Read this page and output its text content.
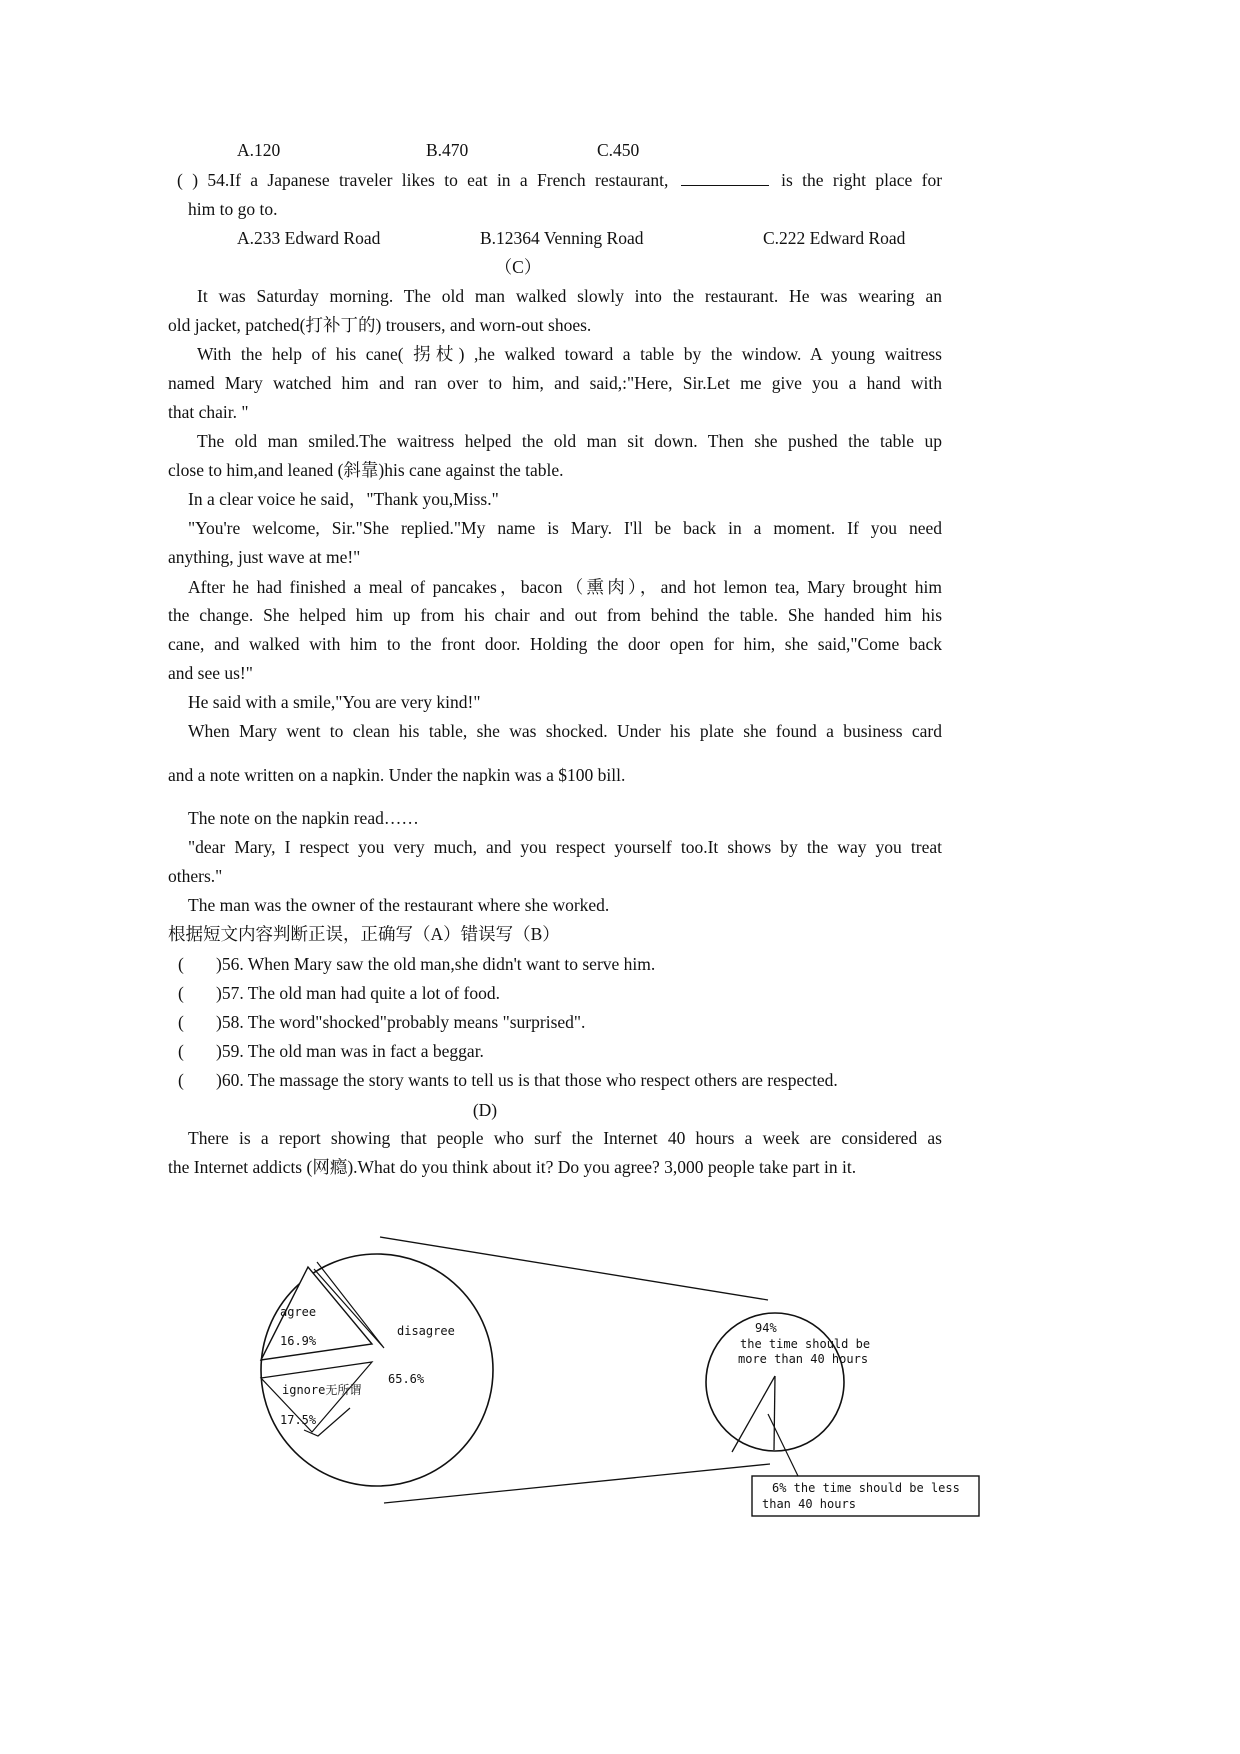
A.120	B.470	C.450
( ) 54.If a Japanese traveler likes to eat in a French restaurant,	is the right place for
him to go to.
A.233 Edward Road	B.12364 Venning Road	C.222 Edward Road
（C）
It was Saturday morning. The old man walked slowly into the restaurant. He was wearing an
old jacket, patched(打补丁的) trousers, and worn-out shoes.
With the help of his cane( 拐杖) ,he walked toward a table by the window. A young waitress
named Mary watched him and ran over to him, and said,:"Here, Sir.Let me give you a hand with
that chair. "
The old man smiled.The waitress helped the old man sit down. Then she pushed the table up
close to him,and leaned (斜靠)his cane against the table.
In a clear voice he said，"Thank you,Miss."
"You're welcome, Sir."She replied."My name is Mary. I'll be back in a moment. If you need
anything, just wave at me!"
After he had finished a meal of pancakes，bacon（熏肉），and hot lemon tea, Mary brought him
the change. She helped him up from his chair and out from behind the table. She handed him his
cane, and walked with him to the front door. Holding the door open for him, she said,"Come back
and see us!"
He said with a smile,"You are very kind!"
When Mary went to clean his table, she was shocked. Under his plate she found a business card
and a note written on a napkin. Under the napkin was a $100 bill.
The note on the napkin read……
"dear Mary, I respect you very much, and you respect yourself too.It shows by the way you treat
others."
The man was the owner of the restaurant where she worked.
根据短文内容判断正误，正确写（A）错误写（B）
( )56. When Mary saw the old man,she didn't want to serve him.
( )57. The old man had quite a lot of food.
( )58. The word"shocked"probably means "surprised".
( )59. The old man was in fact a beggar.
( )60. The massage the story wants to tell us is that those who respect others are respected.
(D)
There is a report showing that people who surf the Internet 40 hours a week are considered as
the Internet addicts (网瘾).What do you think about it? Do you agree? 3,000 people take part in it.
agree
16.9%
disagree
65.6%
ignore无所谓
17.5%
94%
the time should be
more than 40 hours
6% the time should be less
than 40 hours
